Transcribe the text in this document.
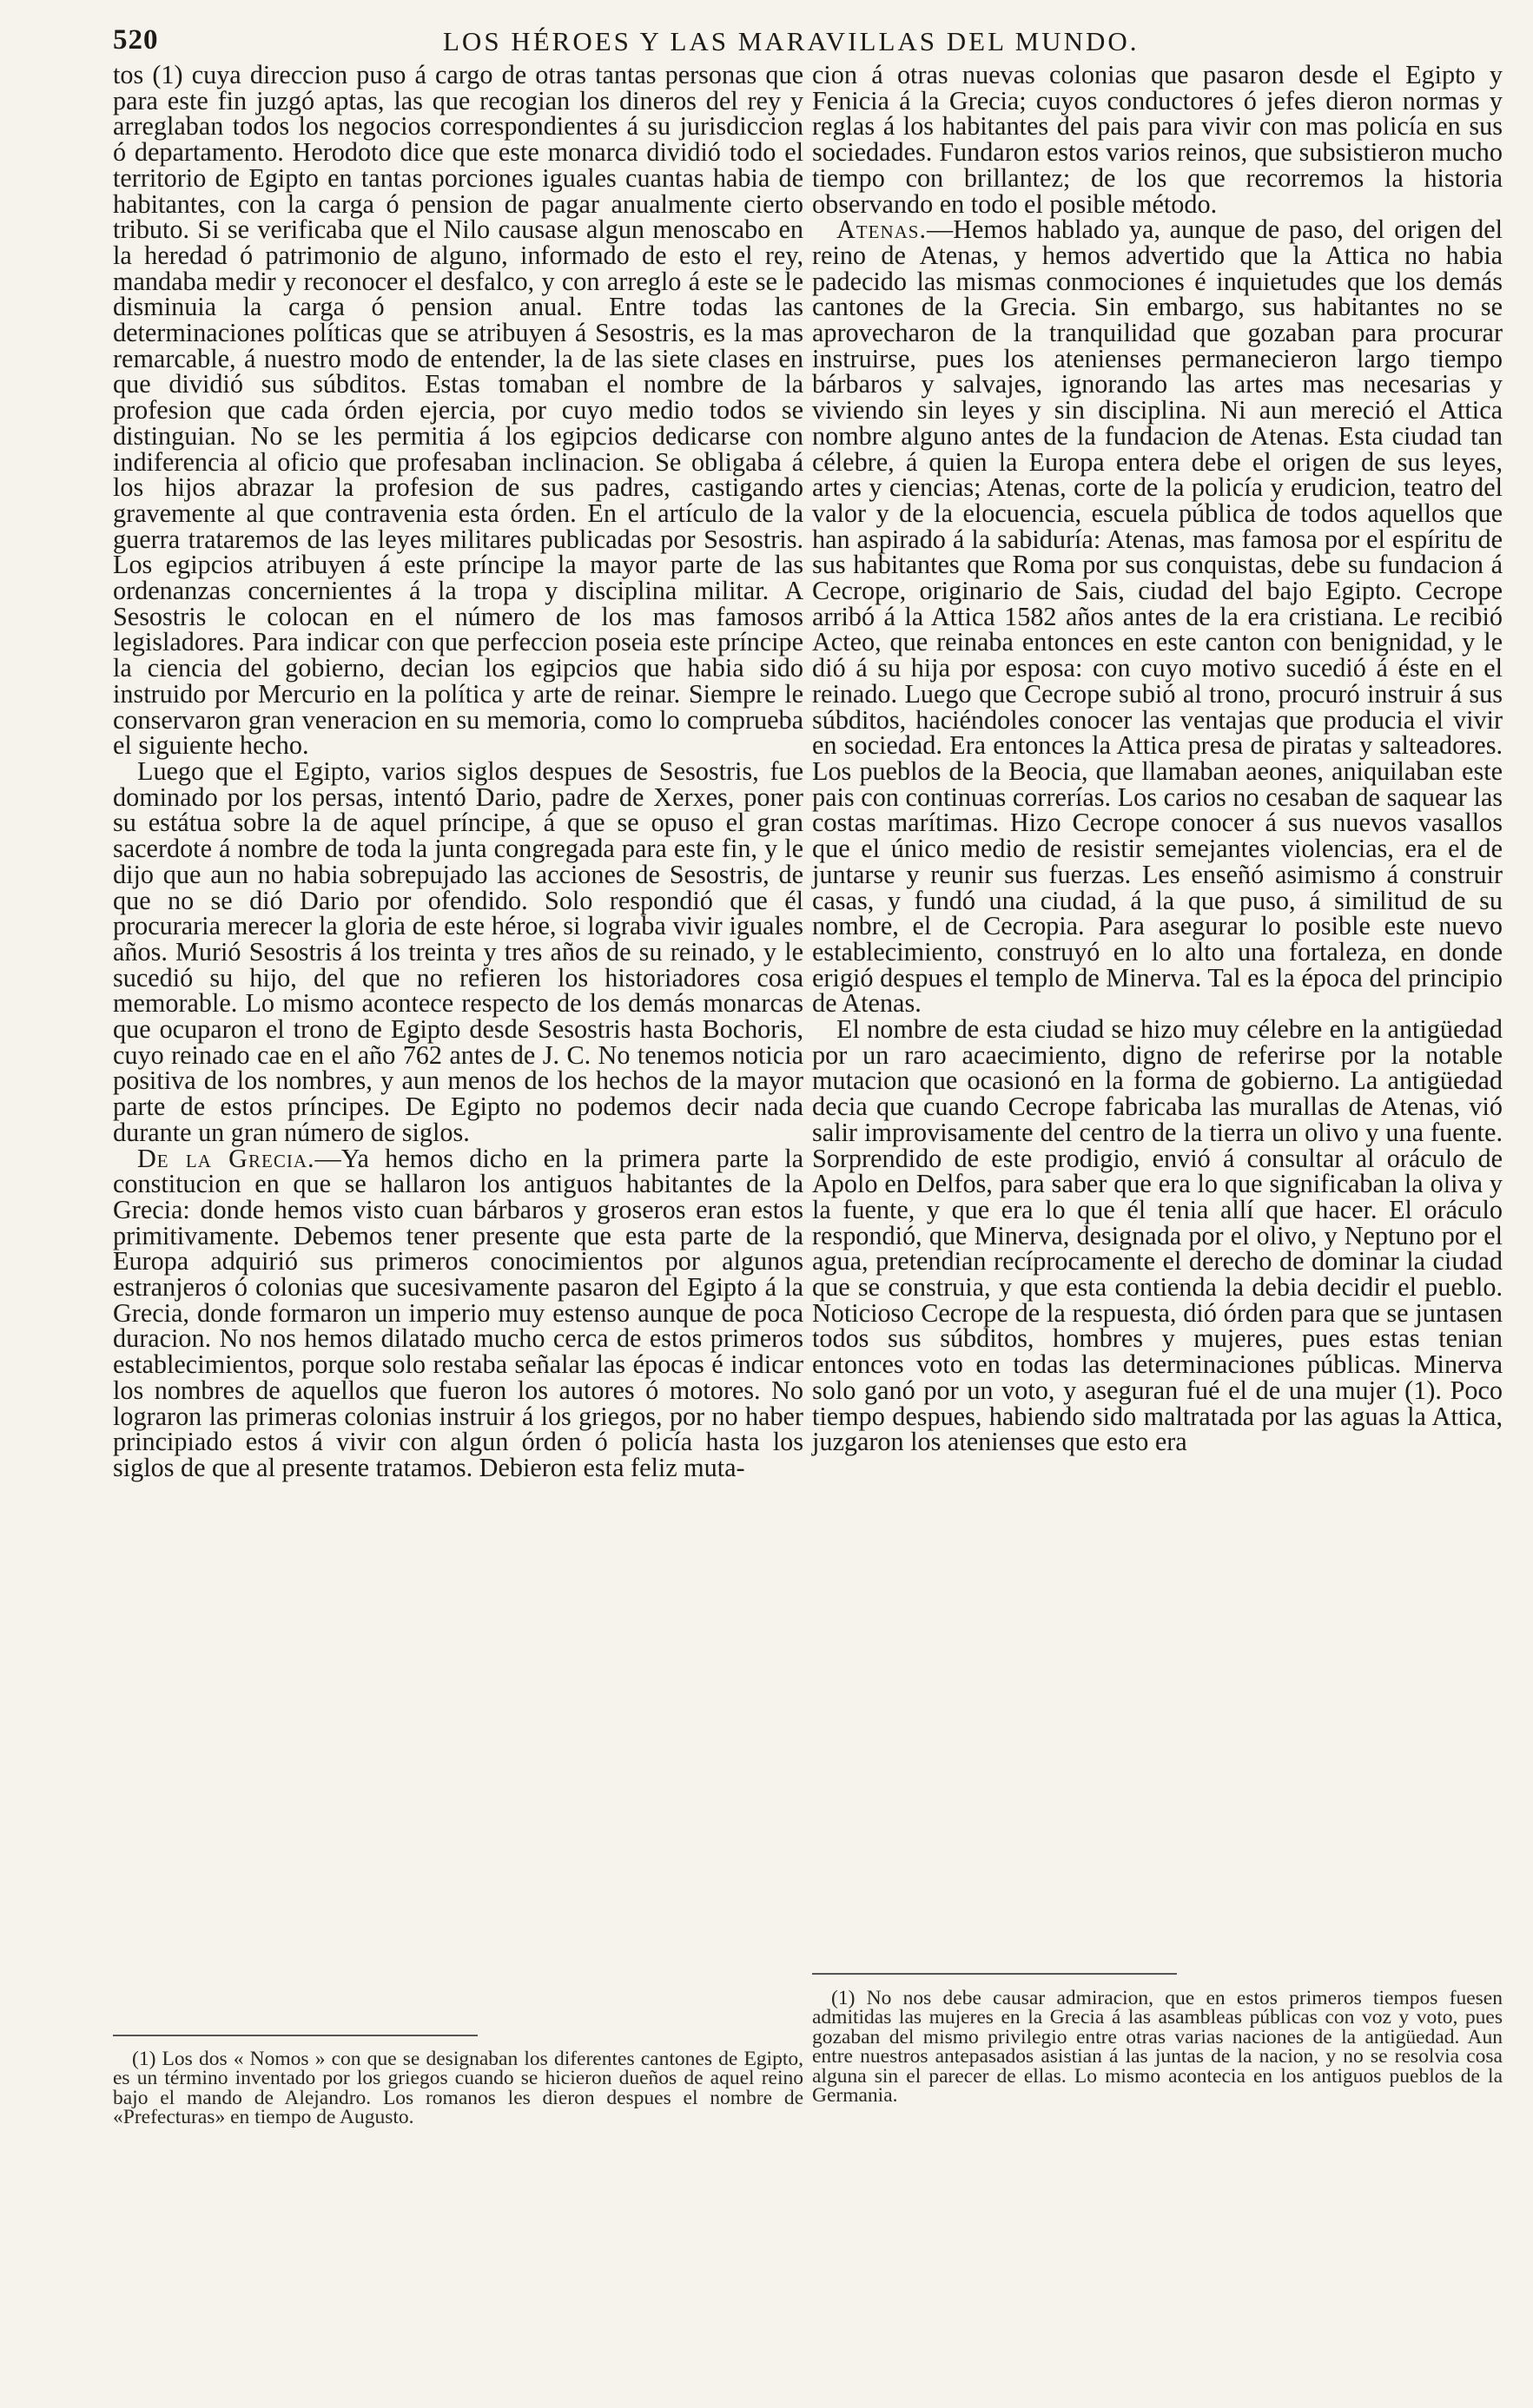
520	LOS HÉROES Y LAS MARAVILLAS DEL MUNDO.

tos (1) cuya direccion puso á cargo de otras tantas personas que para este fin juzgó aptas, las que recogian los dineros del rey y arreglaban todos los negocios correspondientes á su jurisdiccion ó departamento. Herodoto dice que este monarca dividió todo el territorio de Egipto en tantas porciones iguales cuantas habia de habitantes, con la carga ó pension de pagar anualmente cierto tributo. Si se verificaba que el Nilo causase algun menoscabo en la heredad ó patrimonio de alguno, informado de esto el rey, mandaba medir y reconocer el desfalco, y con arreglo á este se le disminuia la carga ó pension anual. Entre todas las determinaciones políticas que se atribuyen á Sesostris, es la mas remarcable, á nuestro modo de entender, la de las siete clases en que dividió sus súbditos. Estas tomaban el nombre de la profesion que cada órden ejercia, por cuyo medio todos se distinguian. No se les permitia á los egipcios dedicarse con indiferencia al oficio que profesaban inclinacion. Se obligaba á los hijos abrazar la profesion de sus padres, castigando gravemente al que contravenia esta órden. En el artículo de la guerra trataremos de las leyes militares publicadas por Sesostris. Los egipcios atribuyen á este príncipe la mayor parte de las ordenanzas concernientes á la tropa y disciplina militar. A Sesostris le colocan en el número de los mas famosos legisladores. Para indicar con que perfeccion poseia este príncipe la ciencia del gobierno, decian los egipcios que habia sido instruido por Mercurio en la política y arte de reinar. Siempre le conservaron gran veneracion en su memoria, como lo comprueba el siguiente hecho.

Luego que el Egipto, varios siglos despues de Sesostris, fue dominado por los persas, intentó Dario, padre de Xerxes, poner su estátua sobre la de aquel príncipe, á que se opuso el gran sacerdote á nombre de toda la junta congregada para este fin, y le dijo que aun no habia sobrepujado las acciones de Sesostris, de que no se dió Dario por ofendido. Solo respondió que él procuraria merecer la gloria de este héroe, si lograba vivir iguales años. Murió Sesostris á los treinta y tres años de su reinado, y le sucedió su hijo, del que no refieren los historiadores cosa memorable. Lo mismo acontece respecto de los demás monarcas que ocuparon el trono de Egipto desde Sesostris hasta Bochoris, cuyo reinado cae en el año 762 antes de J. C. No tenemos noticia positiva de los nombres, y aun menos de los hechos de la mayor parte de estos príncipes. De Egipto no podemos decir nada durante un gran número de siglos.

De la Grecia.—Ya hemos dicho en la primera parte la constitucion en que se hallaron los antiguos habitantes de la Grecia: donde hemos visto cuan bárbaros y groseros eran estos primitivamente. Debemos tener presente que esta parte de la Europa adquirió sus primeros conocimientos por algunos estranjeros ó colonias que sucesivamente pasaron del Egipto á la Grecia, donde formaron un imperio muy estenso aunque de poca duracion. No nos hemos dilatado mucho cerca de estos primeros establecimientos, porque solo restaba señalar las épocas é indicar los nombres de aquellos que fueron los autores ó motores. No lograron las primeras colonias instruir á los griegos, por no haber principiado estos á vivir con algun órden ó policía hasta los siglos de que al presente tratamos. Debieron esta feliz muta-

cion á otras nuevas colonias que pasaron desde el Egipto y Fenicia á la Grecia; cuyos conductores ó jefes dieron normas y reglas á los habitantes del pais para vivir con mas policía en sus sociedades. Fundaron estos varios reinos, que subsistieron mucho tiempo con brillantez; de los que recorremos la historia observando en todo el posible método.

Atenas.—Hemos hablado ya, aunque de paso, del origen del reino de Atenas, y hemos advertido que la Attica no habia padecido las mismas conmociones é inquietudes que los demás cantones de la Grecia. Sin embargo, sus habitantes no se aprovecharon de la tranquilidad que gozaban para procurar instruirse, pues los atenienses permanecieron largo tiempo bárbaros y salvajes, ignorando las artes mas necesarias y viviendo sin leyes y sin disciplina. Ni aun mereció el Attica nombre alguno antes de la fundacion de Atenas. Esta ciudad tan célebre, á quien la Europa entera debe el origen de sus leyes, artes y ciencias; Atenas, corte de la policía y erudicion, teatro del valor y de la elocuencia, escuela pública de todos aquellos que han aspirado á la sabiduría: Atenas, mas famosa por el espíritu de sus habitantes que Roma por sus conquistas, debe su fundacion á Cecrope, originario de Sais, ciudad del bajo Egipto. Cecrope arribó á la Attica 1582 años antes de la era cristiana. Le recibió Acteo, que reinaba entonces en este canton con benignidad, y le dió á su hija por esposa: con cuyo motivo sucedió á éste en el reinado. Luego que Cecrope subió al trono, procuró instruir á sus súbditos, haciéndoles conocer las ventajas que producia el vivir en sociedad. Era entonces la Attica presa de piratas y salteadores. Los pueblos de la Beocia, que llamaban aeones, aniquilaban este pais con continuas correrías. Los carios no cesaban de saquear las costas marítimas. Hizo Cecrope conocer á sus nuevos vasallos que el único medio de resistir semejantes violencias, era el de juntarse y reunir sus fuerzas. Les enseñó asimismo á construir casas, y fundó una ciudad, á la que puso, á similitud de su nombre, el de Cecropia. Para asegurar lo posible este nuevo establecimiento, construyó en lo alto una fortaleza, en donde erigió despues el templo de Minerva. Tal es la época del principio de Atenas.

El nombre de esta ciudad se hizo muy célebre en la antigüedad por un raro acaecimiento, digno de referirse por la notable mutacion que ocasionó en la forma de gobierno. La antigüedad decia que cuando Cecrope fabricaba las murallas de Atenas, vió salir improvisamente del centro de la tierra un olivo y una fuente. Sorprendido de este prodigio, envió á consultar al oráculo de Apolo en Delfos, para saber que era lo que significaban la oliva y la fuente, y que era lo que él tenia allí que hacer. El oráculo respondió, que Minerva, designada por el olivo, y Neptuno por el agua, pretendian recíprocamente el derecho de dominar la ciudad que se construia, y que esta contienda la debia decidir el pueblo. Noticioso Cecrope de la respuesta, dió órden para que se juntasen todos sus súbditos, hombres y mujeres, pues estas tenian entonces voto en todas las determinaciones públicas. Minerva solo ganó por un voto, y aseguran fué el de una mujer (1). Poco tiempo despues, habiendo sido maltratada por las aguas la Attica, juzgaron los atenienses que esto era

(1) Los dos « Nomos » con que se designaban los diferentes cantones de Egipto, es un término inventado por los griegos cuando se hicieron dueños de aquel reino bajo el mando de Alejandro. Los romanos les dieron despues el nombre de «Prefecturas» en tiempo de Augusto.

(1) No nos debe causar admiracion, que en estos primeros tiempos fuesen admitidas las mujeres en la Grecia á las asambleas públicas con voz y voto, pues gozaban del mismo privilegio entre otras varias naciones de la antigüedad. Aun entre nuestros antepasados asistian á las juntas de la nacion, y no se resolvia cosa alguna sin el parecer de ellas. Lo mismo acontecia en los antiguos pueblos de la Germania.
